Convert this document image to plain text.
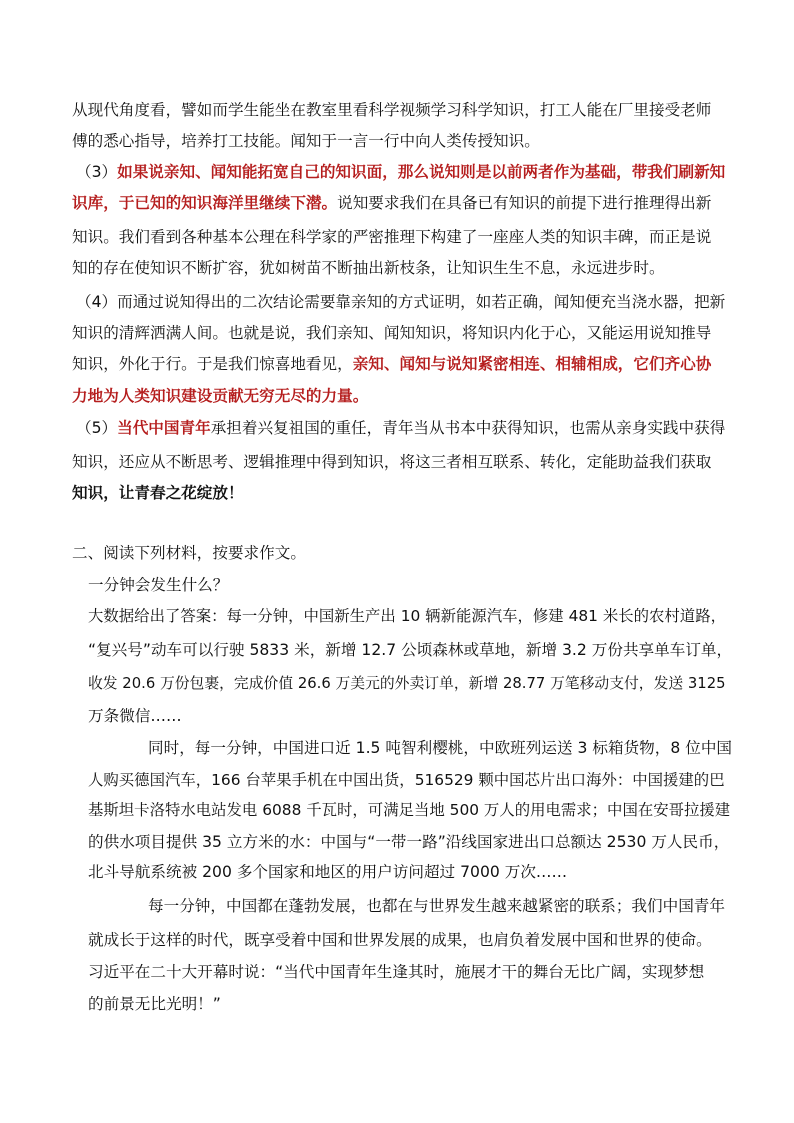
从现代角度看，譬如而学生能坐在教室里看科学视频学习科学知识，打工人能在厂里接受老师
傅的悉心指导，培养打工技能。闻知于一言一行中向人类传授知识。
（3）如果说亲知、闻知能拓宽自己的知识面，那么说知则是以前两者作为基础，带我们刷新知
识库，于已知的知识海洋里继续下潜。说知要求我们在具备已有知识的前提下进行推理得出新
知识。我们看到各种基本公理在科学家的严密推理下构建了一座座人类的知识丰碑，而正是说
知的存在使知识不断扩容，犹如树苗不断抽出新枝条，让知识生生不息，永远进步时。
（4）而通过说知得出的二次结论需要靠亲知的方式证明，如若正确，闻知便充当浇水器，把新
知识的清辉洒满人间。也就是说，我们亲知、闻知知识，将知识内化于心，又能运用说知推导
知识，外化于行。于是我们惊喜地看见，亲知、闻知与说知紧密相连、相辅相成，它们齐心协
力地为人类知识建设贡献无穷无尽的力量。
（5）当代中国青年承担着兴复祖国的重任，青年当从书本中获得知识，也需从亲身实践中获得
知识，还应从不断思考、逻辑推理中得到知识，将这三者相互联系、转化，定能助益我们获取
知识，让青春之花绽放！
二、阅读下列材料，按要求作文。
一分钟会发生什么？
大数据给出了答案：每一分钟，中国新生产出 10 辆新能源汽车，修建 481 米长的农村道路，
“复兴号”动车可以行驶 5833 米，新增 12.7 公顷森林或草地，新增 3.2 万份共享单车订单，
收发 20.6 万份包裹，完成价值 26.6 万美元的外卖订单，新增 28.77 万笔移动支付，发送 3125
万条微信……
同时，每一分钟，中国进口近 1.5 吨智利樱桃，中欧班列运送 3 标箱货物，8 位中国
人购买德国汽车，166 台苹果手机在中国出货，516529 颗中国芯片出口海外：中国援建的巴
基斯坦卡洛特水电站发电 6088 千瓦时，可满足当地 500 万人的用电需求；中国在安哥拉援建
的供水项目提供 35 立方米的水：中国与“一带一路”沿线国家进出口总额达 2530 万人民币，
北斗导航系统被 200 多个国家和地区的用户访问超过 7000 万次……
每一分钟，中国都在蓬勃发展，也都在与世界发生越来越紧密的联系；我们中国青年
就成长于这样的时代，既享受着中国和世界发展的成果，也肩负着发展中国和世界的使命。
习近平在二十大开幕时说：“当代中国青年生逢其时，施展才干的舞台无比广阔，实现梦想
的前景无比光明！”
